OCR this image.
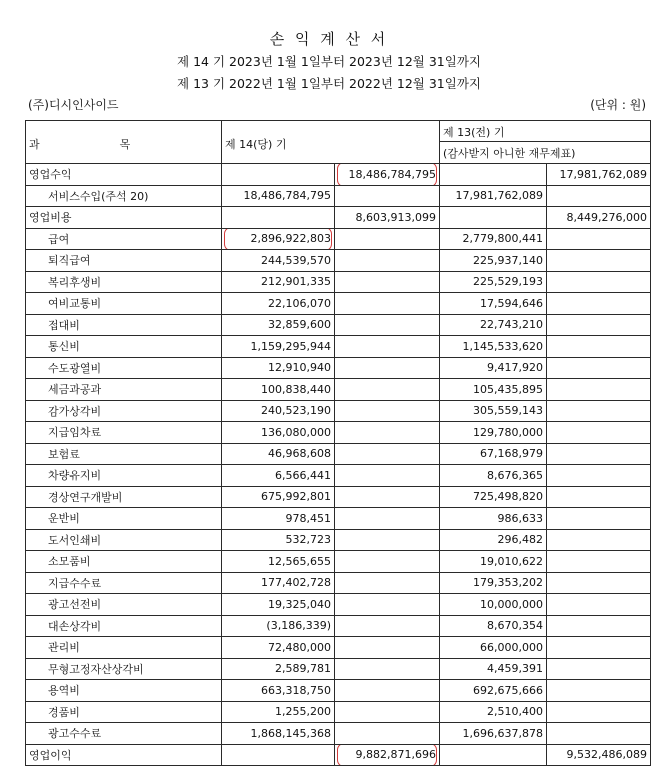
손 익 계 산 서
제 14 기 2023년 1월 1일부터 2023년 12월 31일까지
제 13 기 2022년 1월 1일부터 2022년 12월 31일까지
(주)디시인사이드	(단위 : 원)
과 목	제 14(당) 기		제 13(전) 기	
			(감사받지 아니한 재무제표)	
영업수익		18,486,784,795		17,981,762,089
서비스수입(주석 20)	18,486,784,795		17,981,762,089	
영업비용		8,603,913,099		8,449,276,000
급여	2,896,922,803		2,779,800,441	
퇴직급여	244,539,570		225,937,140	
복리후생비	212,901,335		225,529,193	
여비교통비	22,106,070		17,594,646	
접대비	32,859,600		22,743,210	
통신비	1,159,295,944		1,145,533,620	
수도광열비	12,910,940		9,417,920	
세금과공과	100,838,440		105,435,895	
감가상각비	240,523,190		305,559,143	
지급임차료	136,080,000		129,780,000	
보험료	46,968,608		67,168,979	
차량유지비	6,566,441		8,676,365	
경상연구개발비	675,992,801		725,498,820	
운반비	978,451		986,633	
도서인쇄비	532,723		296,482	
소모품비	12,565,655		19,010,622	
지급수수료	177,402,728		179,353,202	
광고선전비	19,325,040		10,000,000	
대손상각비	(3,186,339)		8,670,354	
관리비	72,480,000		66,000,000	
무형고정자산상각비	2,589,781		4,459,391	
용역비	663,318,750		692,675,666	
경품비	1,255,200		2,510,400	
광고수수료	1,868,145,368		1,696,637,878	
영업이익		9,882,871,696		9,532,486,089
